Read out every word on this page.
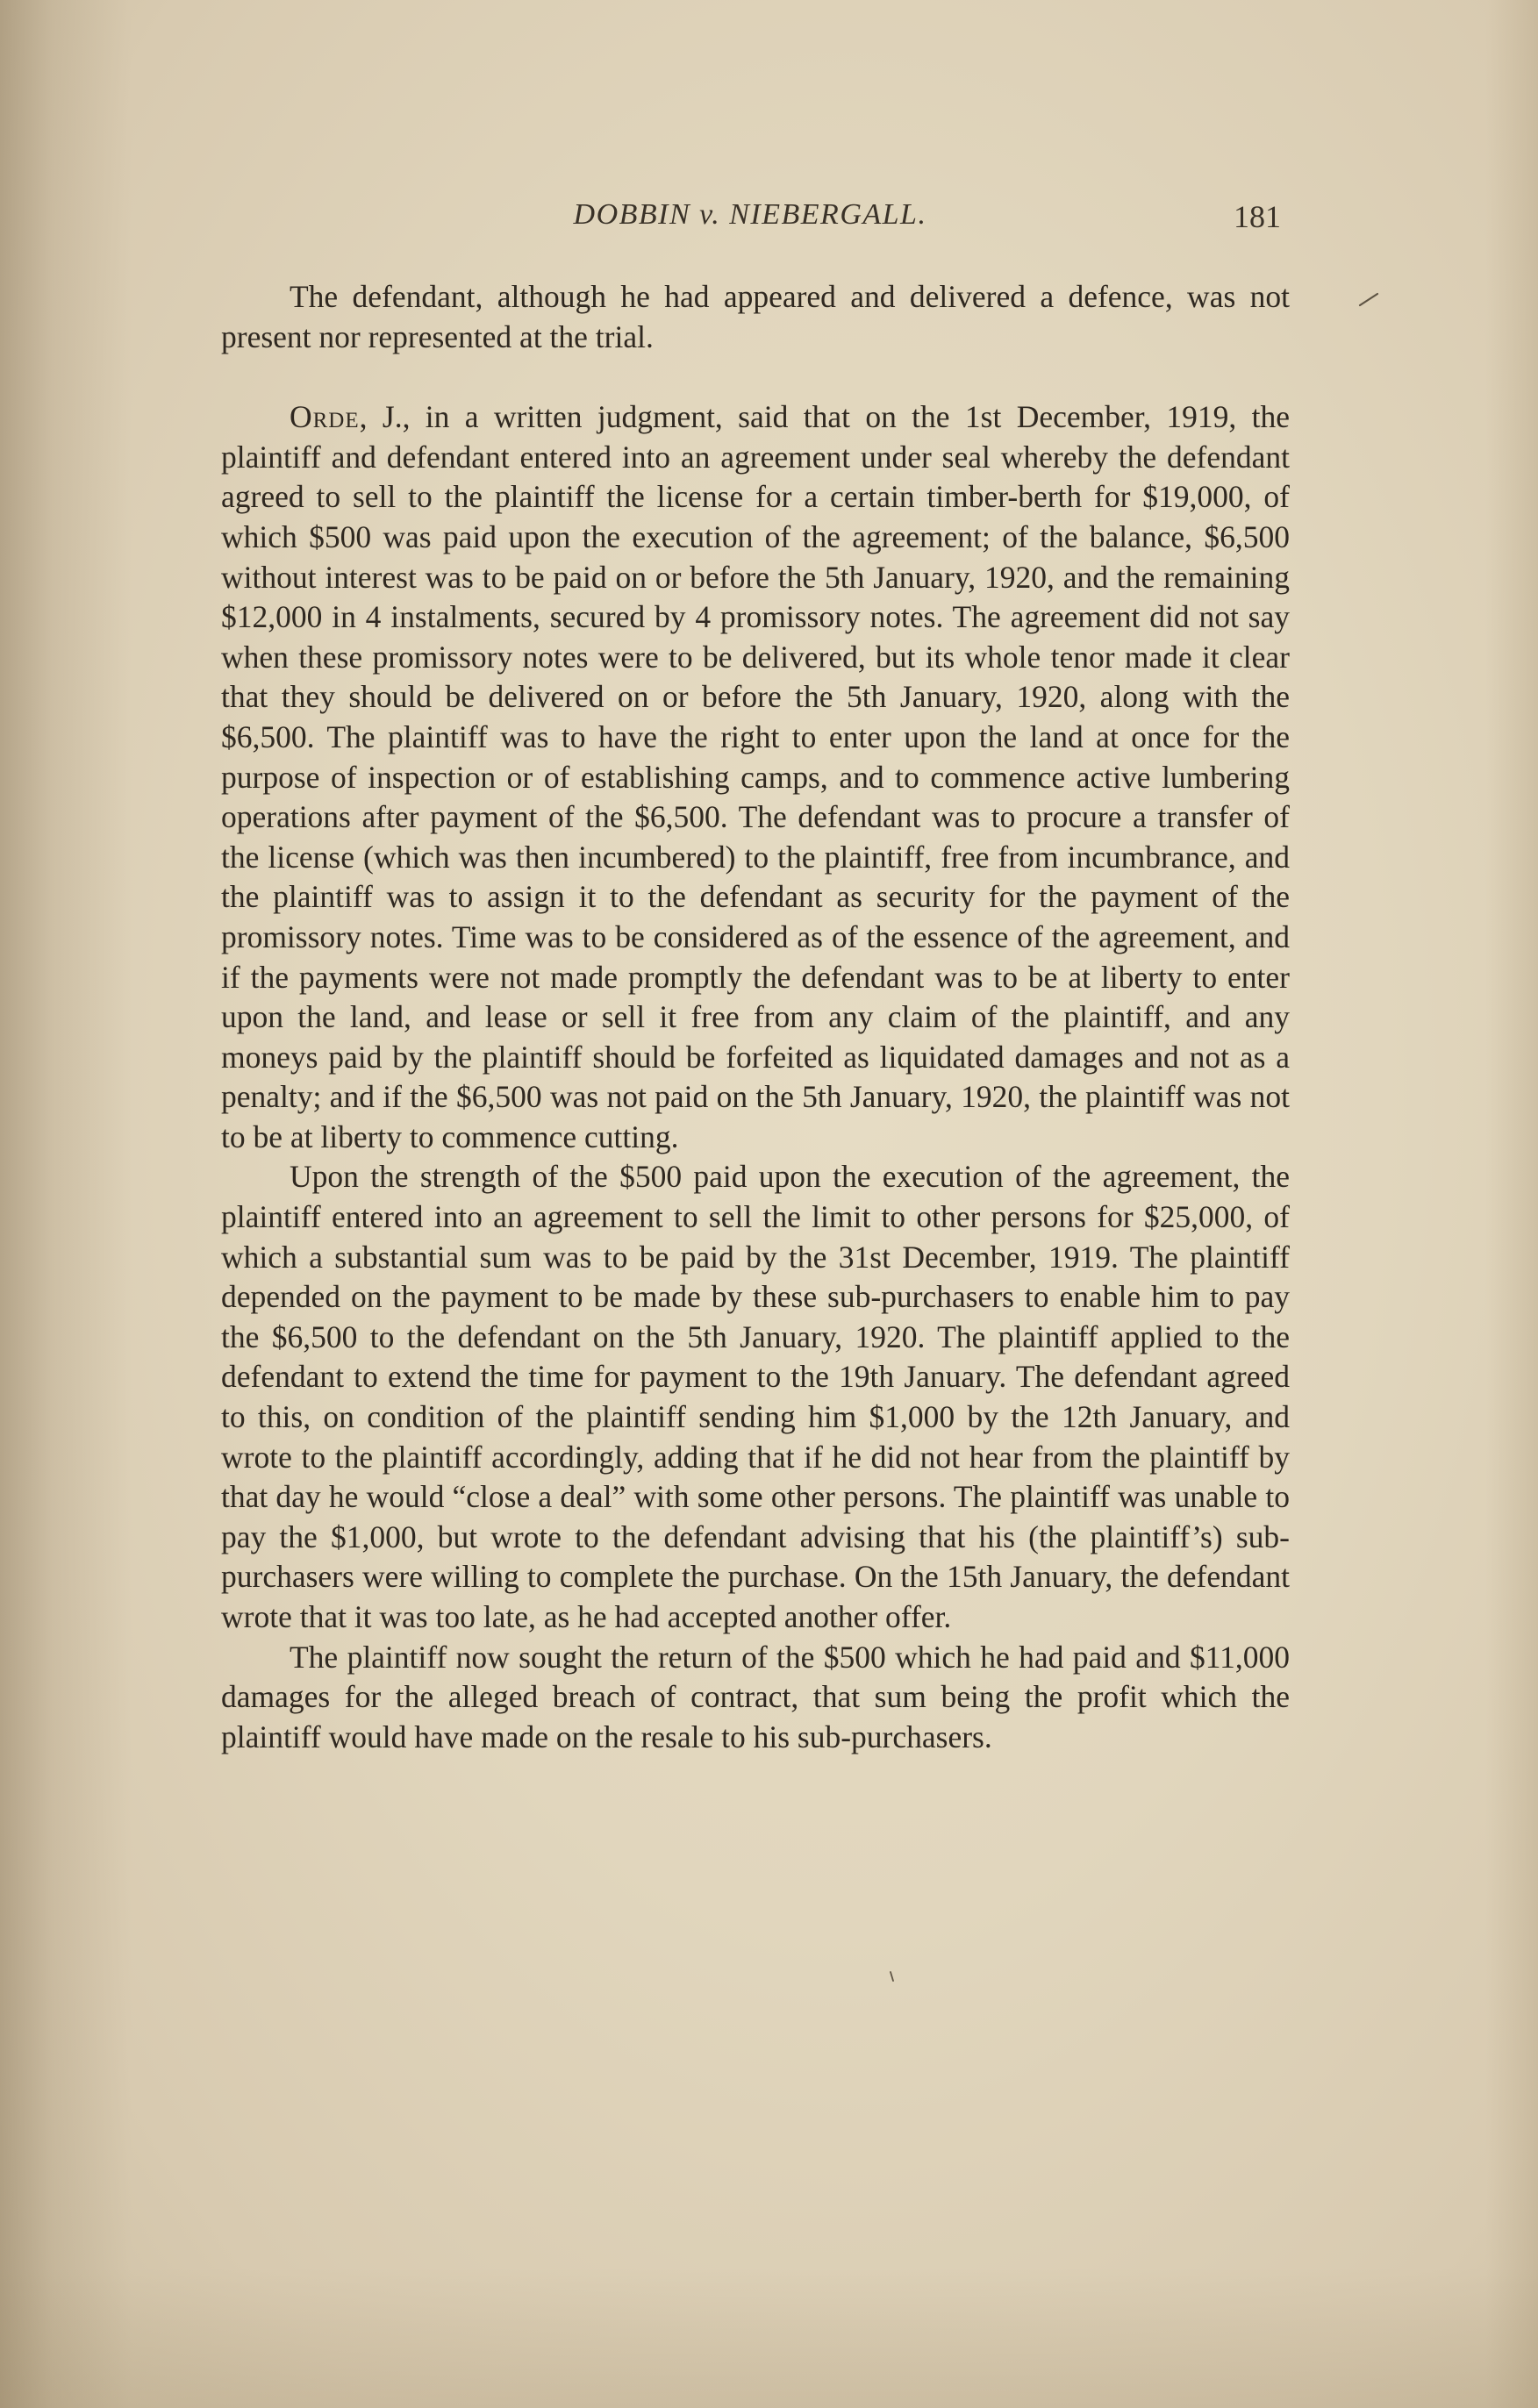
DOBBIN v. NIEBERGALL.	181

The defendant, although he had appeared and delivered a defence, was not present nor represented at the trial.

Orde, J., in a written judgment, said that on the 1st December, 1919, the plaintiff and defendant entered into an agreement under seal whereby the defendant agreed to sell to the plaintiff the license for a certain timber-berth for $19,000, of which $500 was paid upon the execution of the agreement; of the balance, $6,500 without interest was to be paid on or before the 5th January, 1920, and the remaining $12,000 in 4 instalments, secured by 4 promissory notes. The agreement did not say when these promissory notes were to be delivered, but its whole tenor made it clear that they should be delivered on or before the 5th January, 1920, along with the $6,500. The plaintiff was to have the right to enter upon the land at once for the purpose of inspection or of establishing camps, and to commence active lumbering operations after payment of the $6,500. The defendant was to procure a transfer of the license (which was then incumbered) to the plaintiff, free from incumbrance, and the plaintiff was to assign it to the defendant as security for the payment of the promissory notes. Time was to be considered as of the essence of the agreement, and if the payments were not made promptly the defendant was to be at liberty to enter upon the land, and lease or sell it free from any claim of the plaintiff, and any moneys paid by the plaintiff should be forfeited as liquidated damages and not as a penalty; and if the $6,500 was not paid on the 5th January, 1920, the plaintiff was not to be at liberty to commence cutting.

Upon the strength of the $500 paid upon the execution of the agreement, the plaintiff entered into an agreement to sell the limit to other persons for $25,000, of which a substantial sum was to be paid by the 31st December, 1919. The plaintiff depended on the payment to be made by these sub-purchasers to enable him to pay the $6,500 to the defendant on the 5th January, 1920. The plaintiff applied to the defendant to extend the time for payment to the 19th January. The defendant agreed to this, on condition of the plaintiff sending him $1,000 by the 12th January, and wrote to the plaintiff accordingly, adding that if he did not hear from the plaintiff by that day he would “close a deal” with some other persons. The plaintiff was unable to pay the $1,000, but wrote to the defendant advising that his (the plaintiff’s) sub-purchasers were willing to complete the purchase. On the 15th January, the defendant wrote that it was too late, as he had accepted another offer.

The plaintiff now sought the return of the $500 which he had paid and $11,000 damages for the alleged breach of contract, that sum being the profit which the plaintiff would have made on the resale to his sub-purchasers.
